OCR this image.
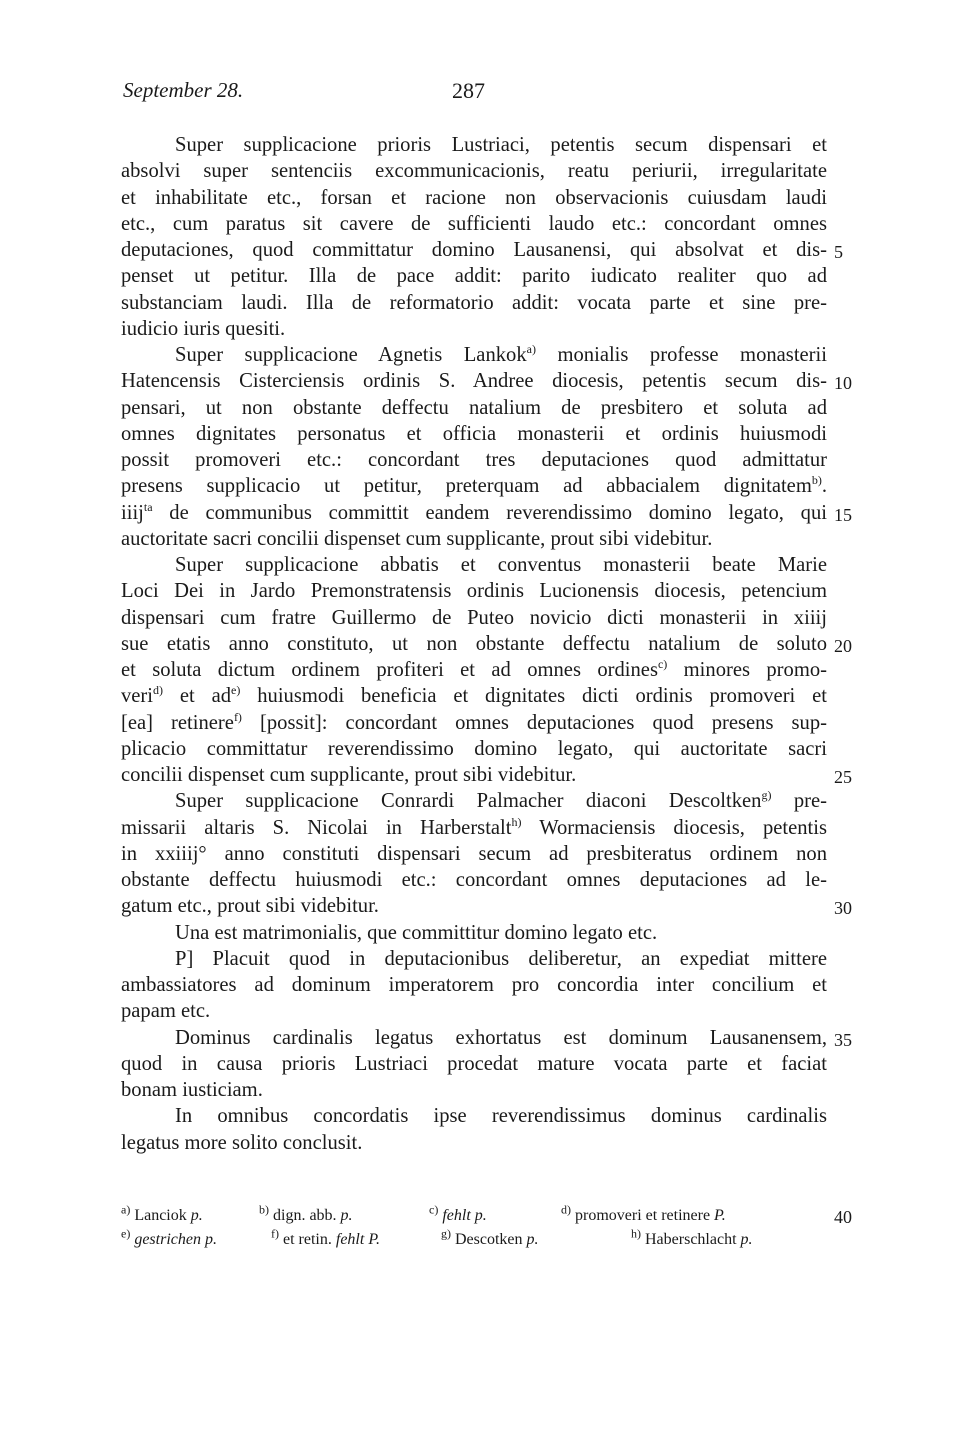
September 28.	287
Super supplicacione prioris Lustriaci, petentis secum dispensari et
absolvi super sentenciis excommunicacionis, reatu periurii, irregularitate
et inhabilitate etc., forsan et racione non observacionis cuiusdam laudi
etc., cum paratus sit cavere de sufficienti laudo etc.: concordant omnes
deputaciones, quod committatur domino Lausanensi, qui absolvat et dis-
penset ut petitur. Illa de pace addit: parito iudicato realiter quo ad
substanciam laudi. Illa de reformatorio addit: vocata parte et sine pre-
iudicio iuris quesiti.
Super supplicacione Agnetis Lankok$^{a)}$ monialis professe monasterii
Hatencensis Cisterciensis ordinis S. Andree diocesis, petentis secum dis-
pensari, ut non obstante deffectu natalium de presbitero et soluta ad
omnes dignitates personatus et officia monasterii et ordinis huiusmodi
possit promoveri etc.: concordant tres deputaciones quod admittatur
presens supplicacio ut petitur, preterquam ad abbacialem dignitatem$^{b)}$.
iiij$^{ta}$ de communibus committit eandem reverendissimo domino legato, qui
auctoritate sacri concilii dispenset cum supplicante, prout sibi videbitur.
Super supplicacione abbatis et conventus monasterii beate Marie
Loci Dei in Jardo Premonstratensis ordinis Lucionensis diocesis, petencium
dispensari cum fratre Guillermo de Puteo novicio dicti monasterii in xiiij
sue etatis anno constituto, ut non obstante deffectu natalium de soluto
et soluta dictum ordinem profiteri et ad omnes ordines$^{c)}$ minores promo-
veri$^{d)}$ et $ad^{e)}$ huiusmodi beneficia et dignitates dicti ordinis promoveri et
[ea] retinere$^{f)}$ [possit]: concordant omnes deputaciones quod presens sup-
plicacio committatur reverendissimo domino legato, qui auctoritate sacri
concilii dispenset cum supplicante, prout sibi videbitur.
Super supplicacione Conrardi Palmacher diaconi Descoltken$^{g)}$ pre-
missarii altaris S. Nicolai in Harberstalt$^{h)}$ Wormaciensis diocesis, petentis
in xxiiij° anno constituti dispensari secum ad presbiteratus ordinem non
obstante deffectu huiusmodi etc.: concordant omnes deputaciones ad le-
gatum etc., prout sibi videbitur.
Una est matrimonialis, que committitur domino legato etc.
P] Placuit quod in deputacionibus deliberetur, an expediat mittere
ambassiatores ad dominum imperatorem pro concordia inter concilium et
papam etc.
Dominus cardinalis legatus exhortatus est dominum Lausanensem,
quod in causa prioris Lustriaci procedat mature vocata parte et faciat
bonam iusticiam.
In omnibus concordatis ipse reverendissimus dominus cardinalis
legatus more solito conclusit.
5
10
15
20
25
30
35
40
$^{a)}$ Lanciok p.	$^{b)}$ dign. abb. p.	$^{c)}$ fehlt p.	$^{d)}$ promoveri et retinere P.
$^{e)}$ gestrichen p.	$^{f)}$ et retin. fehlt P.	$^{g)}$ Descotken p.	$^{h)}$ Haberschlacht p.
